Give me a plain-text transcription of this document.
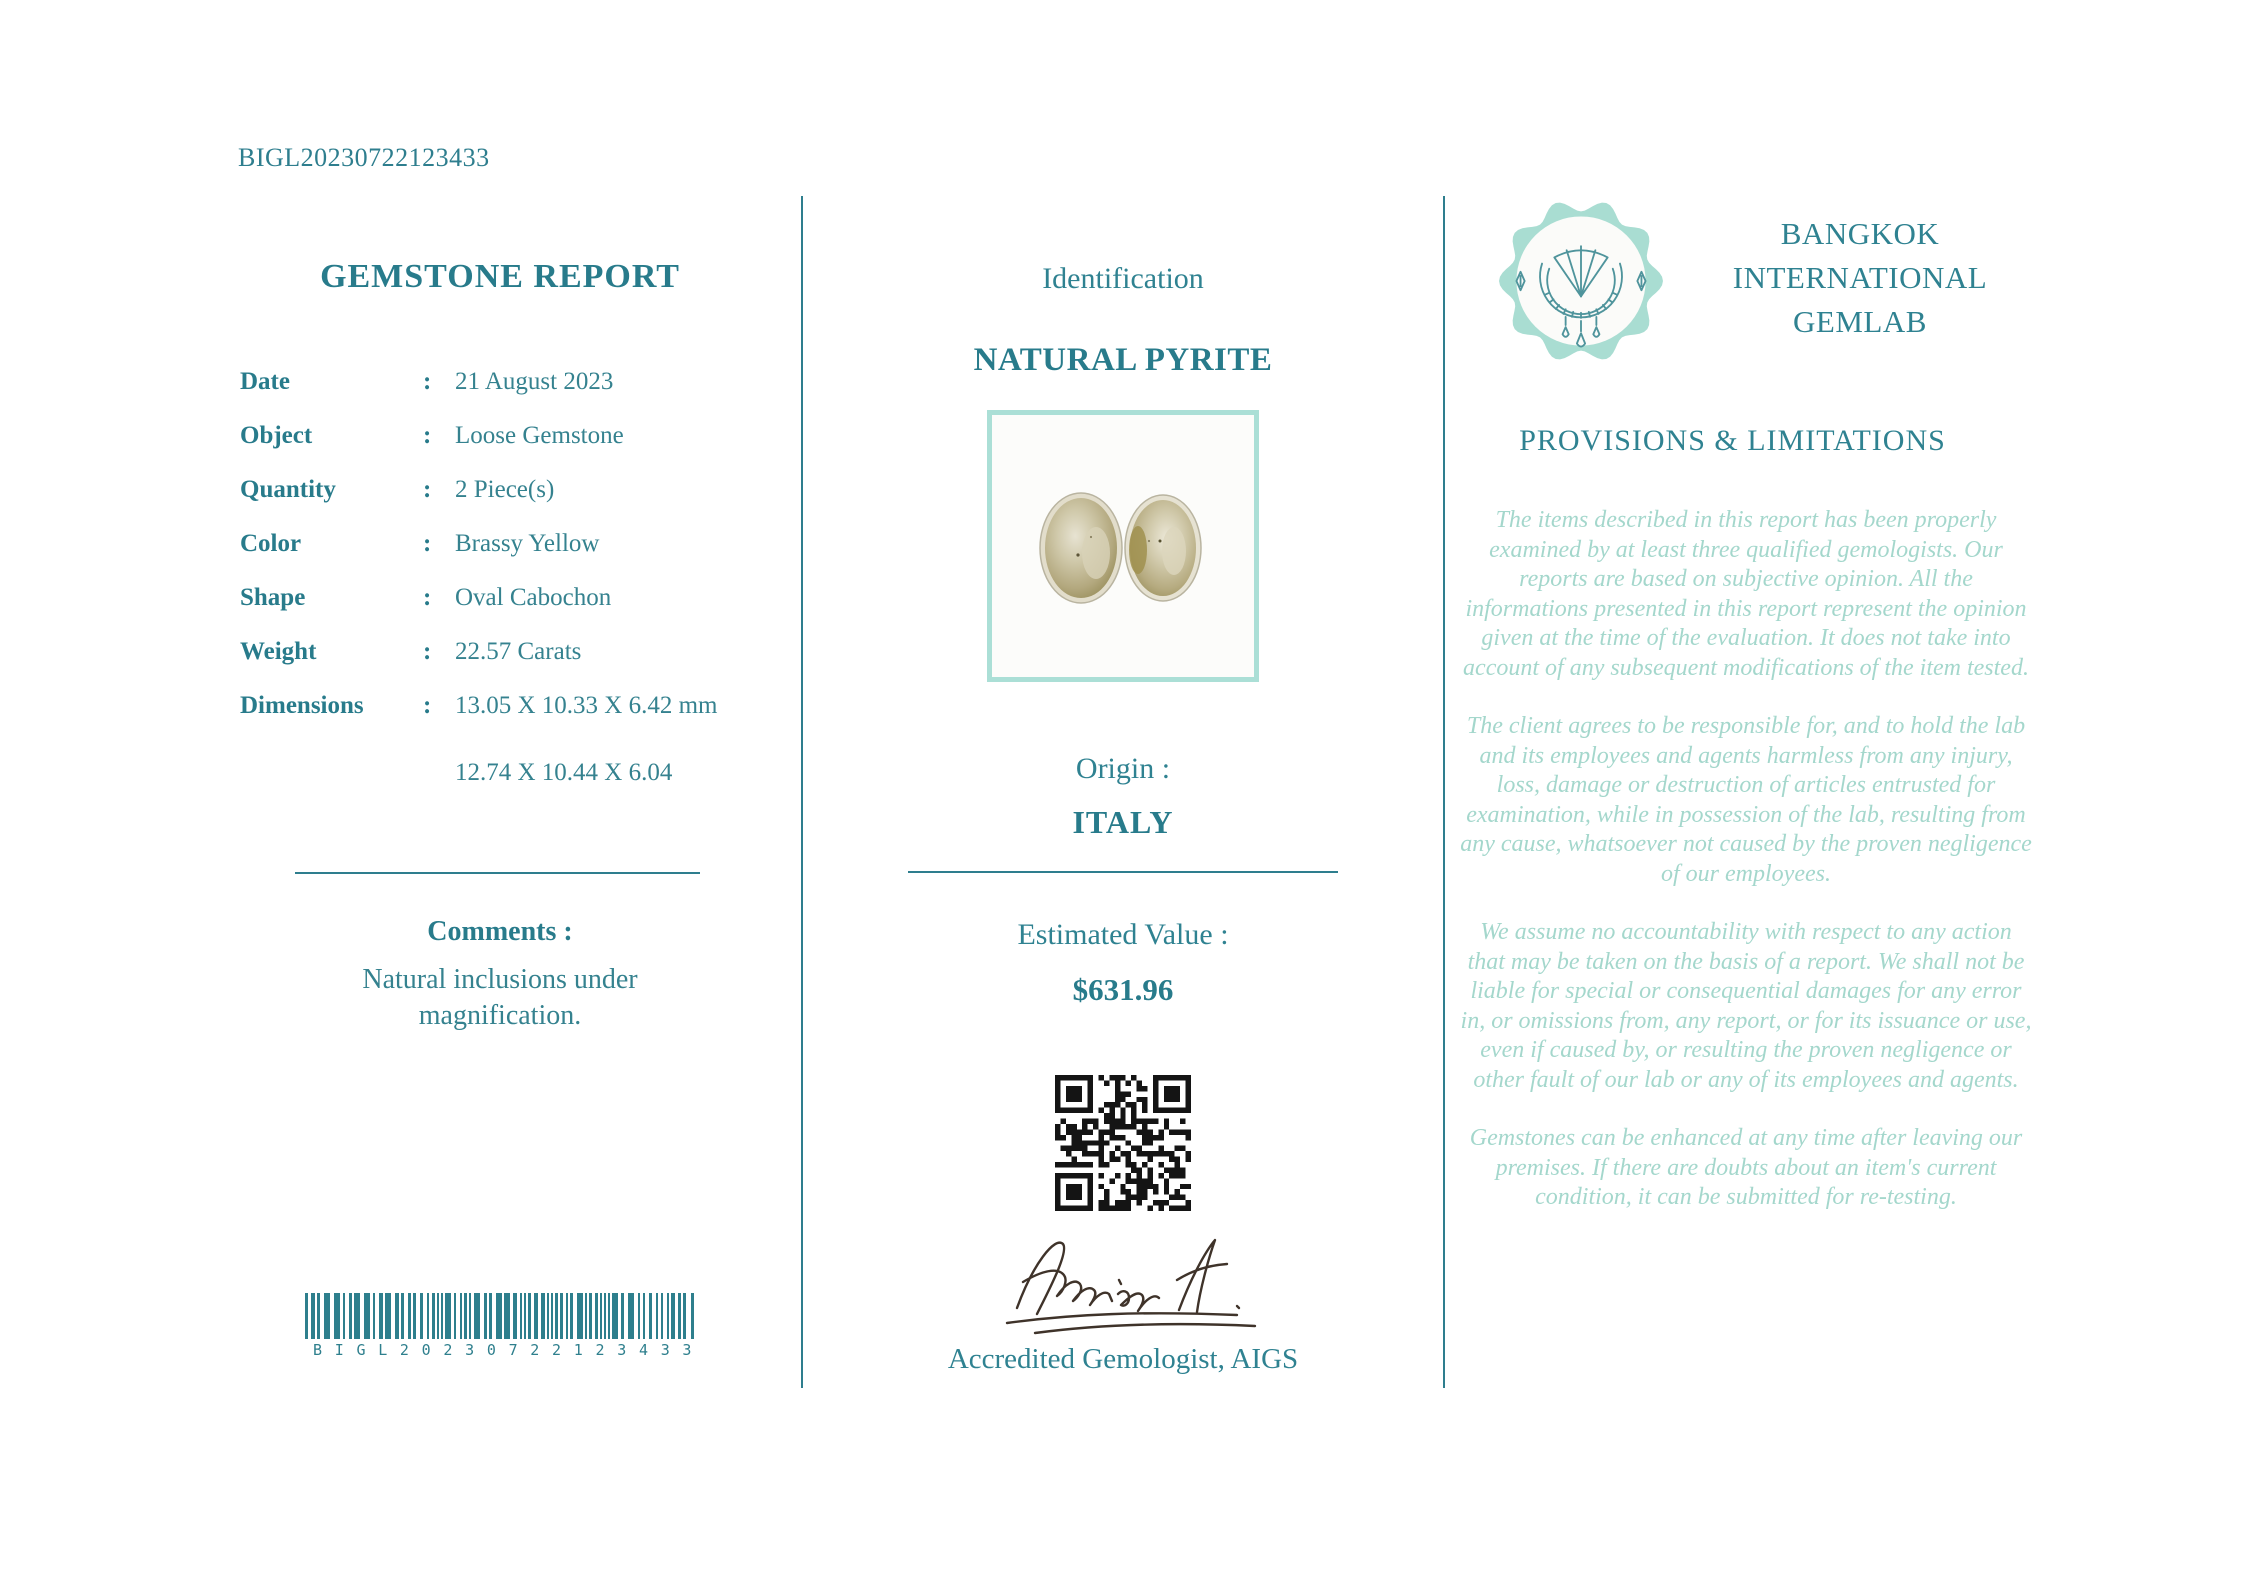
BIGL20230722123433
GEMSTONE REPORT
Date	: 21 August 2023
Object	: Loose Gemstone
Quantity	: 2 Piece(s)
Color	: Brassy Yellow
Shape	: Oval Cabochon
Weight	: 22.57 Carats
Dimensions	: 13.05 X 10.33 X 6.42 mm
12.74 X 10.44 X 6.04
Comments :
Natural inclusions under magnification.
BIGL20230722123433
Identification
NATURAL PYRITE
Origin :
ITALY
Estimated Value :
$631.96
Accredited Gemologist, AIGS
BANGKOK
INTERNATIONAL
GEMLAB
PROVISIONS & LIMITATIONS

The items described in this report has been properly examined by at least three qualified gemologists. Our reports are based on subjective opinion. All the informations presented in this report represent the opinion given at the time of the evaluation. It does not take into account of any subsequent modifications of the item tested.

The client agrees to be responsible for, and to hold the lab and its employees and agents harmless from any injury, loss, damage or destruction of articles entrusted for examination, while in possession of the lab, resulting from any cause, whatsoever not caused by the proven negligence of our employees.

We assume no accountability with respect to any action that may be taken on the basis of a report. We shall not be liable for special or consequential damages for any error in, or omissions from, any report, or for its issuance or use, even if caused by, or resulting the proven negligence or other fault of our lab or any of its employees and agents.

Gemstones can be enhanced at any time after leaving our premises. If there are doubts about an item's current condition, it can be submitted for re-testing.
